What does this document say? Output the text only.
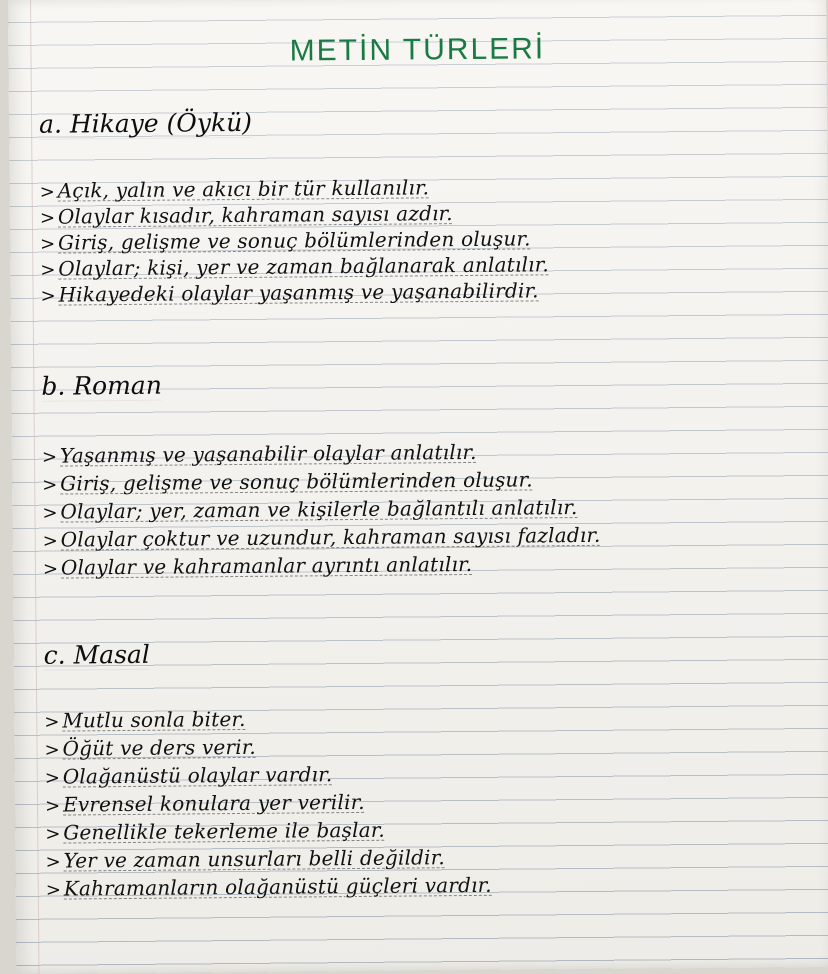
METİN TÜRLERİ
a. Hikaye (Öykü)
> Açık, yalın ve akıcı bir tür kullanılır.
> Olaylar kısadır, kahraman sayısı azdır.
> Giriş, gelişme ve sonuç bölümlerinden oluşur.
> Olaylar; kişi, yer ve zaman bağlanarak anlatılır.
> Hikayedeki olaylar yaşanmış ve yaşanabilirdir.
b. Roman
> Yaşanmış ve yaşanabilir olaylar anlatılır.
> Giriş, gelişme ve sonuç bölümlerinden oluşur.
> Olaylar; yer, zaman ve kişilerle bağlantılı anlatılır.
> Olaylar çoktur ve uzundur, kahraman sayısı fazladır.
> Olaylar ve kahramanlar ayrıntı anlatılır.
c. Masal
> Mutlu sonla biter.
> Öğüt ve ders verir.
> Olağanüstü olaylar vardır.
> Evrensel konulara yer verilir.
> Genellikle tekerleme ile başlar.
> Yer ve zaman unsurları belli değildir.
> Kahramanların olağanüstü güçleri vardır.
